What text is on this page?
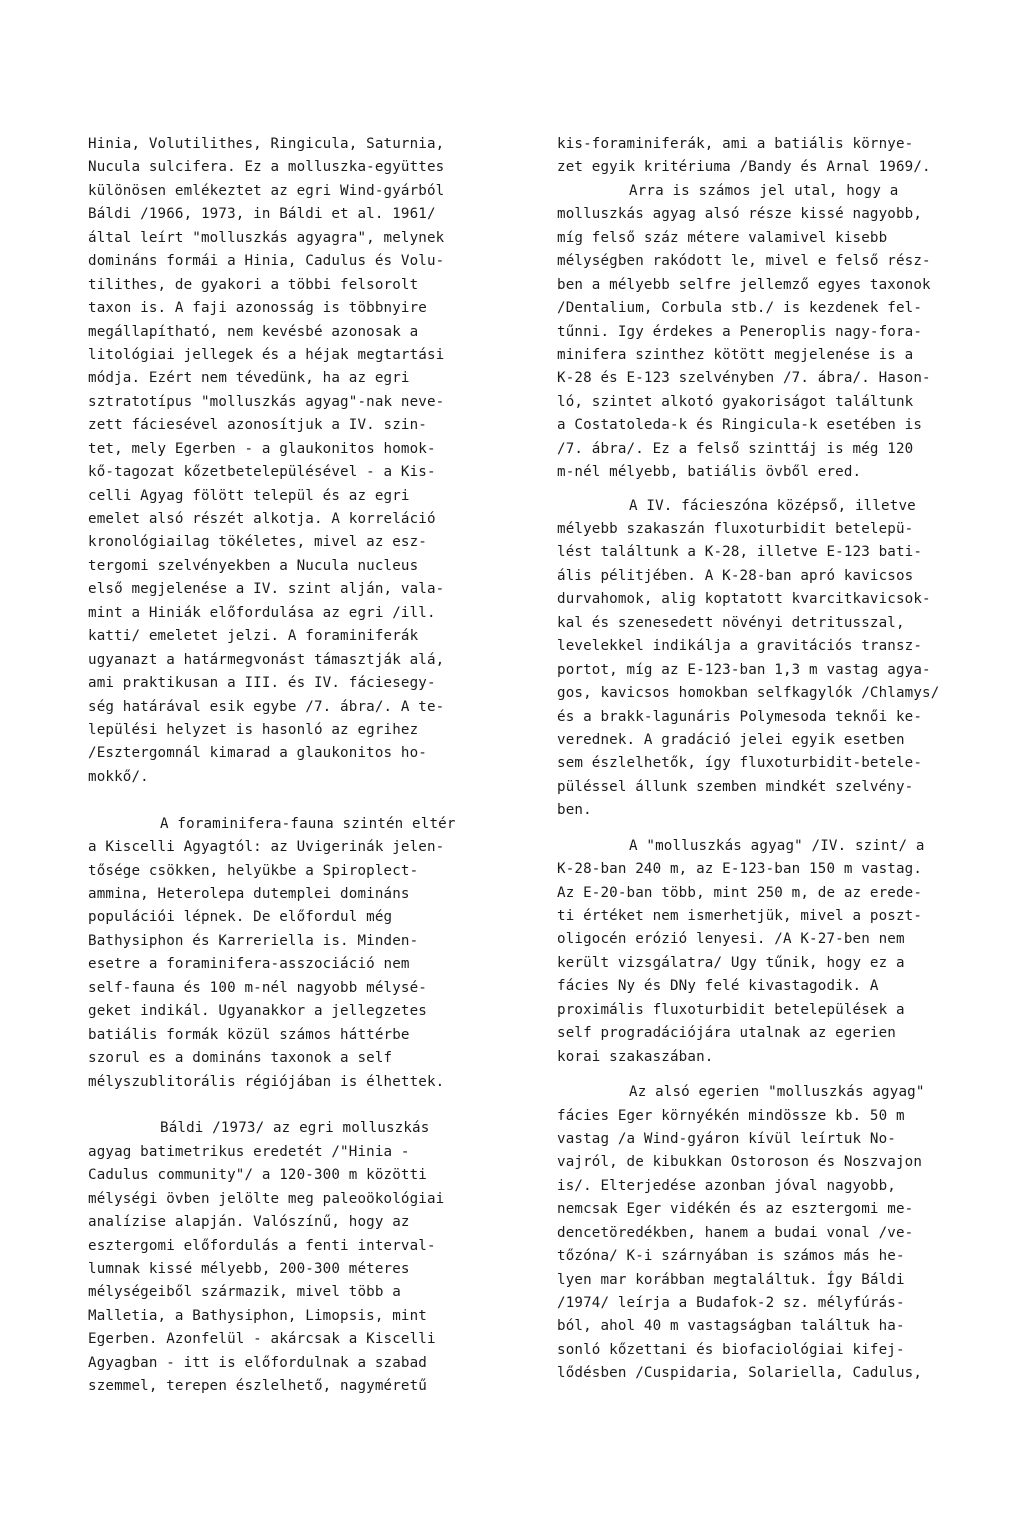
Hinia, Volutilithes, Ringicula, Saturnia,
Nucula sulcifera. Ez a molluszka-együttes
különösen emlékeztet az egri Wind-gyárból
Báldi /1966, 1973, in Báldi et al. 1961/
által leírt "molluszkás agyagra", melynek
domináns formái a Hinia, Cadulus és Volu-
tilithes, de gyakori a többi felsorolt
taxon is. A faji azonosság is többnyire
megállapítható, nem kevésbé azonosak a
litológiai jellegek és a héjak megtartási
módja. Ezért nem tévedünk, ha az egri
sztratotípus "molluszkás agyag"-nak neve-
zett fáciesével azonosítjuk a IV. szin-
tet, mely Egerben - a glaukonitos homok-
kő-tagozat kőzetbetelepülésével - a Kis-
celli Agyag fölött települ és az egri
emelet alsó részét alkotja. A korreláció
kronológiailag tökéletes, mivel az esz-
tergomi szelvényekben a Nucula nucleus
első megjelenése a IV. szint alján, vala-
mint a Hiniák előfordulása az egri /ill.
katti/ emeletet jelzi. A foraminiferák
ugyanazt a határmegvonást támasztják alá,
ami praktikusan a III. és IV. fáciesegy-
ség határával esik egybe /7. ábra/. A te-
lepülési helyzet is hasonló az egrihez
/Esztergomnál kimarad a glaukonitos ho-
mokkő/.
A foraminifera-fauna szintén eltér
a Kiscelli Agyagtól: az Uvigerinák jelen-
tősége csökken, helyükbe a Spiroplect-
ammina, Heterolepa dutemplei domináns
populációi lépnek. De előfordul még
Bathysiphon és Karreriella is. Minden-
esetre a foraminifera-asszociáció nem
self-fauna és 100 m-nél nagyobb mélysé-
geket indikál. Ugyanakkor a jellegzetes
batiális formák közül számos háttérbe
szorul es a domináns taxonok a self
mélyszublitorális régiójában is élhettek.
Báldi /1973/ az egri molluszkás
agyag batimetrikus eredetét /"Hinia -
Cadulus community"/ a 120-300 m közötti
mélységi övben jelölte meg paleoökológiai
analízise alapján. Valószínű, hogy az
esztergomi előfordulás a fenti interval-
lumnak kissé mélyebb, 200-300 méteres
mélységeiből származik, mivel több a
Malletia, a Bathysiphon, Limopsis, mint
Egerben. Azonfelül - akárcsak a Kiscelli
Agyagban - itt is előfordulnak a szabad
szemmel, terepen észlelhető, nagyméretű
kis-foraminiferák, ami a batiális környe-
zet egyik kritériuma /Bandy és Arnal 1969/.
Arra is számos jel utal, hogy a
molluszkás agyag alsó része kissé nagyobb,
míg felső száz métere valamivel kisebb
mélységben rakódott le, mivel e felső rész-
ben a mélyebb selfre jellemző egyes taxonok
/Dentalium, Corbula stb./ is kezdenek fel-
tűnni. Igy érdekes a Peneroplis nagy-fora-
minifera szinthez kötött megjelenése is a
K-28 és E-123 szelvényben /7. ábra/. Hason-
ló, szintet alkotó gyakoriságot találtunk
a Costatoleda-k és Ringicula-k esetében is
/7. ábra/. Ez a felső szinttáj is még 120
m-nél mélyebb, batiális övből ered.
A IV. fácieszóna középső, illetve
mélyebb szakaszán fluxoturbidit betelepü-
lést találtunk a K-28, illetve E-123 bati-
ális pélitjében. A K-28-ban apró kavicsos
durvahomok, alig koptatott kvarcitkavicsok-
kal és szenesedett növényi detritusszal,
levelekkel indikálja a gravitációs transz-
portot, míg az E-123-ban 1,3 m vastag agya-
gos, kavicsos homokban selfkagylók /Chlamys/
és a brakk-lagunáris Polymesoda teknői ke-
verednek. A gradáció jelei egyik esetben
sem észlelhetők, így fluxoturbidit-betele-
püléssel állunk szemben mindkét szelvény-
ben.
A "molluszkás agyag" /IV. szint/ a
K-28-ban 240 m, az E-123-ban 150 m vastag.
Az E-20-ban több, mint 250 m, de az erede-
ti értéket nem ismerhetjük, mivel a poszt-
oligocén erózió lenyesi. /A K-27-ben nem
került vizsgálatra/ Ugy tűnik, hogy ez a
fácies Ny és DNy felé kivastagodik. A
proximális fluxoturbidit betelepülések a
self progradációjára utalnak az egerien
korai szakaszában.
Az alsó egerien "molluszkás agyag"
fácies Eger környékén mindössze kb. 50 m
vastag /a Wind-gyáron kívül leírtuk No-
vajról, de kibukkan Ostoroson és Noszvajon
is/. Elterjedése azonban jóval nagyobb,
nemcsak Eger vidékén és az esztergomi me-
dencetöredékben, hanem a budai vonal /ve-
tőzóna/ K-i szárnyában is számos más he-
lyen mar korábban megtaláltuk. Így Báldi
/1974/ leírja a Budafok-2 sz. mélyfúrás-
ból, ahol 40 m vastagságban találtuk ha-
sonló kőzettani és biofaciológiai kifej-
lődésben /Cuspidaria, Solariella, Cadulus,
